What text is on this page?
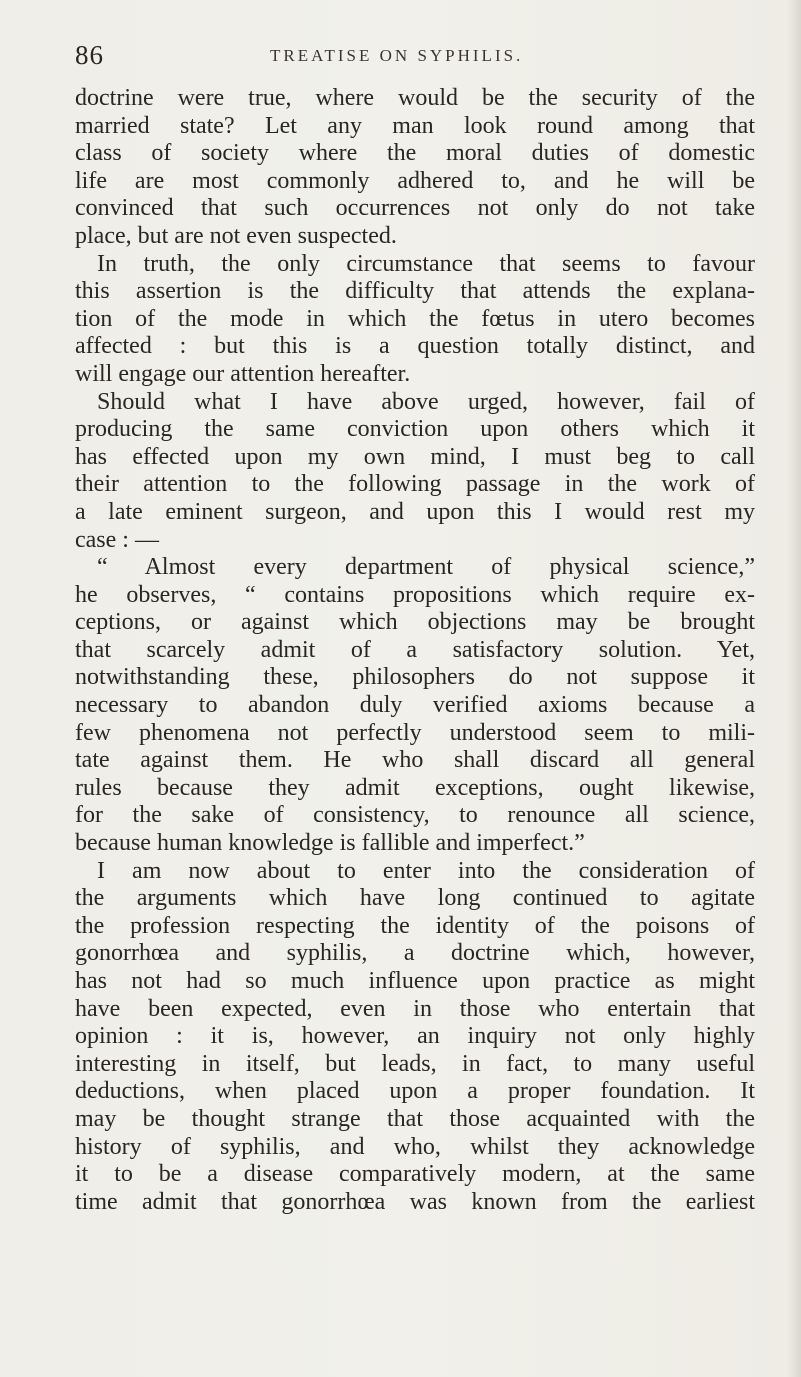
86	TREATISE ON SYPHILIS.
doctrine were true, where would be the security of the
married state? Let any man look round among that
class of society where the moral duties of domestic
life are most commonly adhered to, and he will be
convinced that such occurrences not only do not take
place, but are not even suspected.
In truth, the only circumstance that seems to favour
this assertion is the difficulty that attends the explana-
tion of the mode in which the fœtus in utero becomes
affected : but this is a question totally distinct, and
will engage our attention hereafter.
Should what I have above urged, however, fail of
producing the same conviction upon others which it
has effected upon my own mind, I must beg to call
their attention to the following passage in the work of
a late eminent surgeon, and upon this I would rest my
case : —
“ Almost every department of physical science,”
he observes, “ contains propositions which require ex-
ceptions, or against which objections may be brought
that scarcely admit of a satisfactory solution. Yet,
notwithstanding these, philosophers do not suppose it
necessary to abandon duly verified axioms because a
few phenomena not perfectly understood seem to mili-
tate against them. He who shall discard all general
rules because they admit exceptions, ought likewise,
for the sake of consistency, to renounce all science,
because human knowledge is fallible and imperfect.”
I am now about to enter into the consideration of
the arguments which have long continued to agitate
the profession respecting the identity of the poisons of
gonorrhœa and syphilis, a doctrine which, however,
has not had so much influence upon practice as might
have been expected, even in those who entertain that
opinion : it is, however, an inquiry not only highly
interesting in itself, but leads, in fact, to many useful
deductions, when placed upon a proper foundation. It
may be thought strange that those acquainted with the
history of syphilis, and who, whilst they acknowledge
it to be a disease comparatively modern, at the same
time admit that gonorrhœa was known from the earliest
